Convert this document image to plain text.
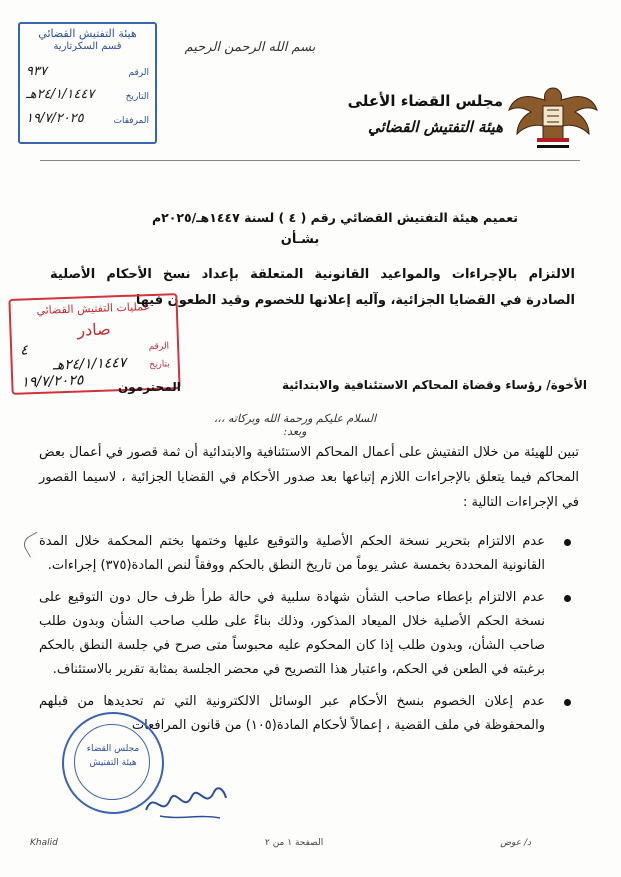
بسم الله الرحمن الرحيم
مجلس القضاء الأعلى
هيئة التفتيش القضائي
هيئة التفتيش القضائي
قسم السكرتارية
الرقم
٩٣٧
التاريخ
٢٤/١/١٤٤٧هـ
المرفقات
١٩/٧/٢٠٢٥
تعميم هيئة التفتيش القضائي رقم ( ٤ ) لسنة ١٤٤٧هـ/٢٠٢٥م
بشـأن
الالتزام بالإجراءات والمواعيد القانونية المتعلقة بإعداد نسخ الأحكام الأصلية الصادرة في القضايا الجزائية، وآليه إعلانها للخصوم وقيد الطعون فيها
عمليات التفتيش القضائي
صادر
الرقم
٤
بتاريخ
٢٤/١/١٤٤٧هـ
١٩/٧/٢٠٢٥	المحترمون	الأخوة/ رؤساء وقضاة المحاكم الاستئنافية والابتدائية
السلام عليكم ورحمة الله وبركاته ،،، وبعد:
تبين للهيئة من خلال التفتيش على أعمال المحاكم الاستئنافية والابتدائية أن ثمة قصور في أعمال بعض المحاكم فيما يتعلق بالإجراءات اللازم إتباعها بعد صدور الأحكام في القضايا الجزائية ، لاسيما القصور في الإجراءات التالية :
عدم الالتزام بتحرير نسخة الحكم الأصلية والتوقيع عليها وختمها بختم المحكمة خلال المدة القانونية المحددة بخمسة عشر يوماً من تاريخ النطق بالحكم ووفقاً لنص المادة(٣٧٥) إجراءات.
عدم الالتزام بإعطاء صاحب الشأن شهادة سلبية في حالة طرأ ظرف حال دون التوقيع على نسخة الحكم الأصلية خلال الميعاد المذكور، وذلك بناءً على طلب صاحب الشأن وبدون طلب صاحب الشأن، وبدون طلب إذا كان المحكوم عليه محبوساً متى صرح في جلسة النطق بالحكم برغبته في الطعن في الحكم، واعتبار هذا التصريح في محضر الجلسة بمثابة تقرير بالاستئناف.
عدم إعلان الخصوم بنسخ الأحكام عبر الوسائل الالكترونية التي تم تحديدها من قبلهم والمحفوظة في ملف القضية ، إعمالاً لأحكام المادة(١٠٥) من قانون المرافعات
مجلس القضاء
هيئة التفتيش
Khalid	الصفحة ١ من ٢	د/ عوض
